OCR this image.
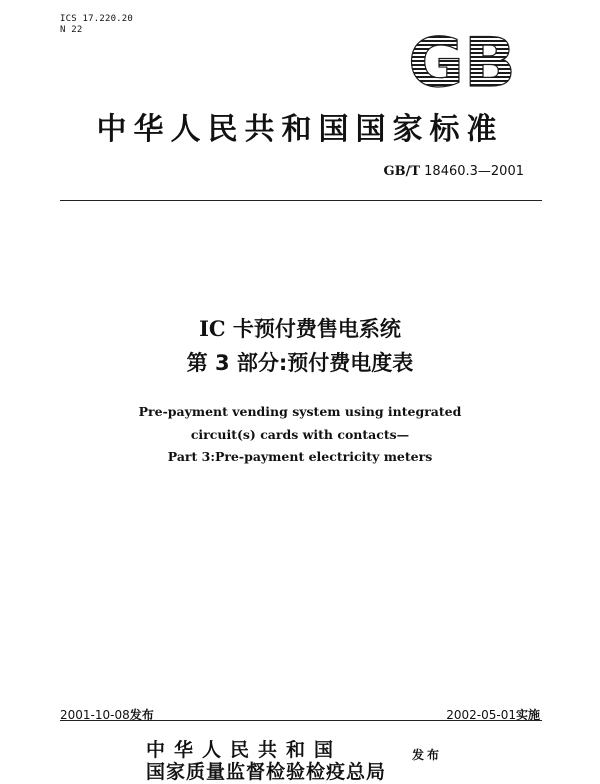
ICS 17.220.20
N 22	GB
中华人民共和国国家标准
GB/T 18460.3—2001
IC 卡预付费售电系统
第 3 部分:预付费电度表
Pre-payment vending system using integrated
circuit(s) cards with contacts—
Part 3:Pre-payment electricity meters
2001-10-08发布	2002-05-01实施
中华人民共和国
国家质量监督检验检疫总局
发布
